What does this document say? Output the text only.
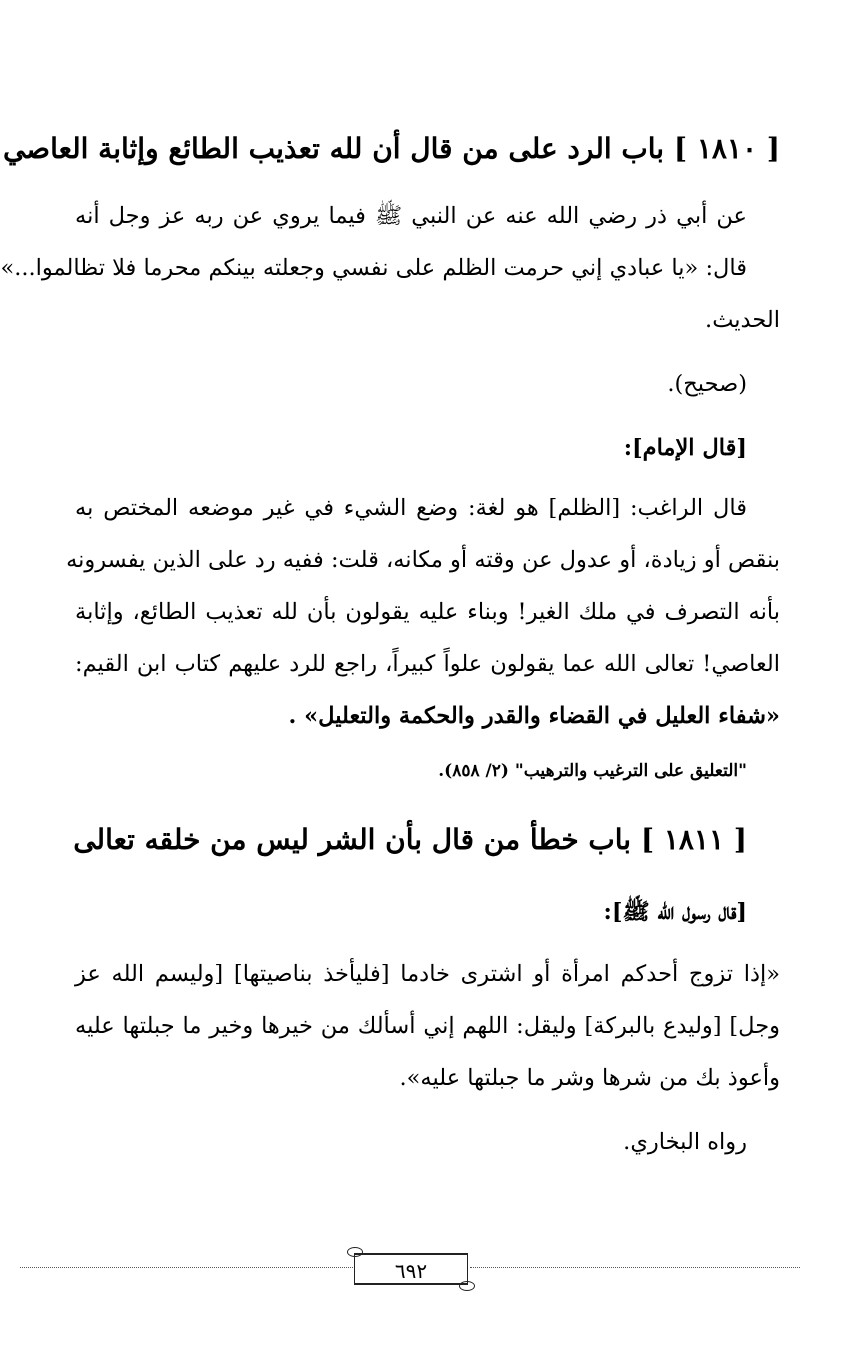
[ ١٨١٠ ] باب الرد على من قال أن لله تعذيب الطائع وإثابة العاصي
عن أبي ذر رضي الله عنه عن النبي ﷺ فيما يروي عن ربه عز وجل أنه
قال: «يا عبادي إني حرمت الظلم على نفسي وجعلته بينكم محرما فلا تظالموا...»
الحديث.
(صحيح).
[قال الإمام]:
قال الراغب: [الظلم] هو لغة: وضع الشيء في غير موضعه المختص به
بنقص أو زيادة، أو عدول عن وقته أو مكانه، قلت: ففيه رد على الذين يفسرونه
بأنه التصرف في ملك الغير! وبناء عليه يقولون بأن لله تعذيب الطائع، وإثابة
العاصي! تعالى الله عما يقولون علواً كبيراً، راجع للرد عليهم كتاب ابن القيم:
«شفاء العليل في القضاء والقدر والحكمة والتعليل» .
"التعليق على الترغيب والترهيب" (٢/ ٨٥٨).
[ ١٨١١ ] باب خطأ من قال بأن الشر ليس من خلقه تعالى
[قال رسول الله ﷺ]:
«إذا تزوج أحدكم امرأة أو اشترى خادما [فليأخذ بناصيتها] [وليسم الله عز
وجل] [وليدع بالبركة] وليقل: اللهم إني أسألك من خيرها وخير ما جبلتها عليه
وأعوذ بك من شرها وشر ما جبلتها عليه».
رواه البخاري.
٦٩٢
